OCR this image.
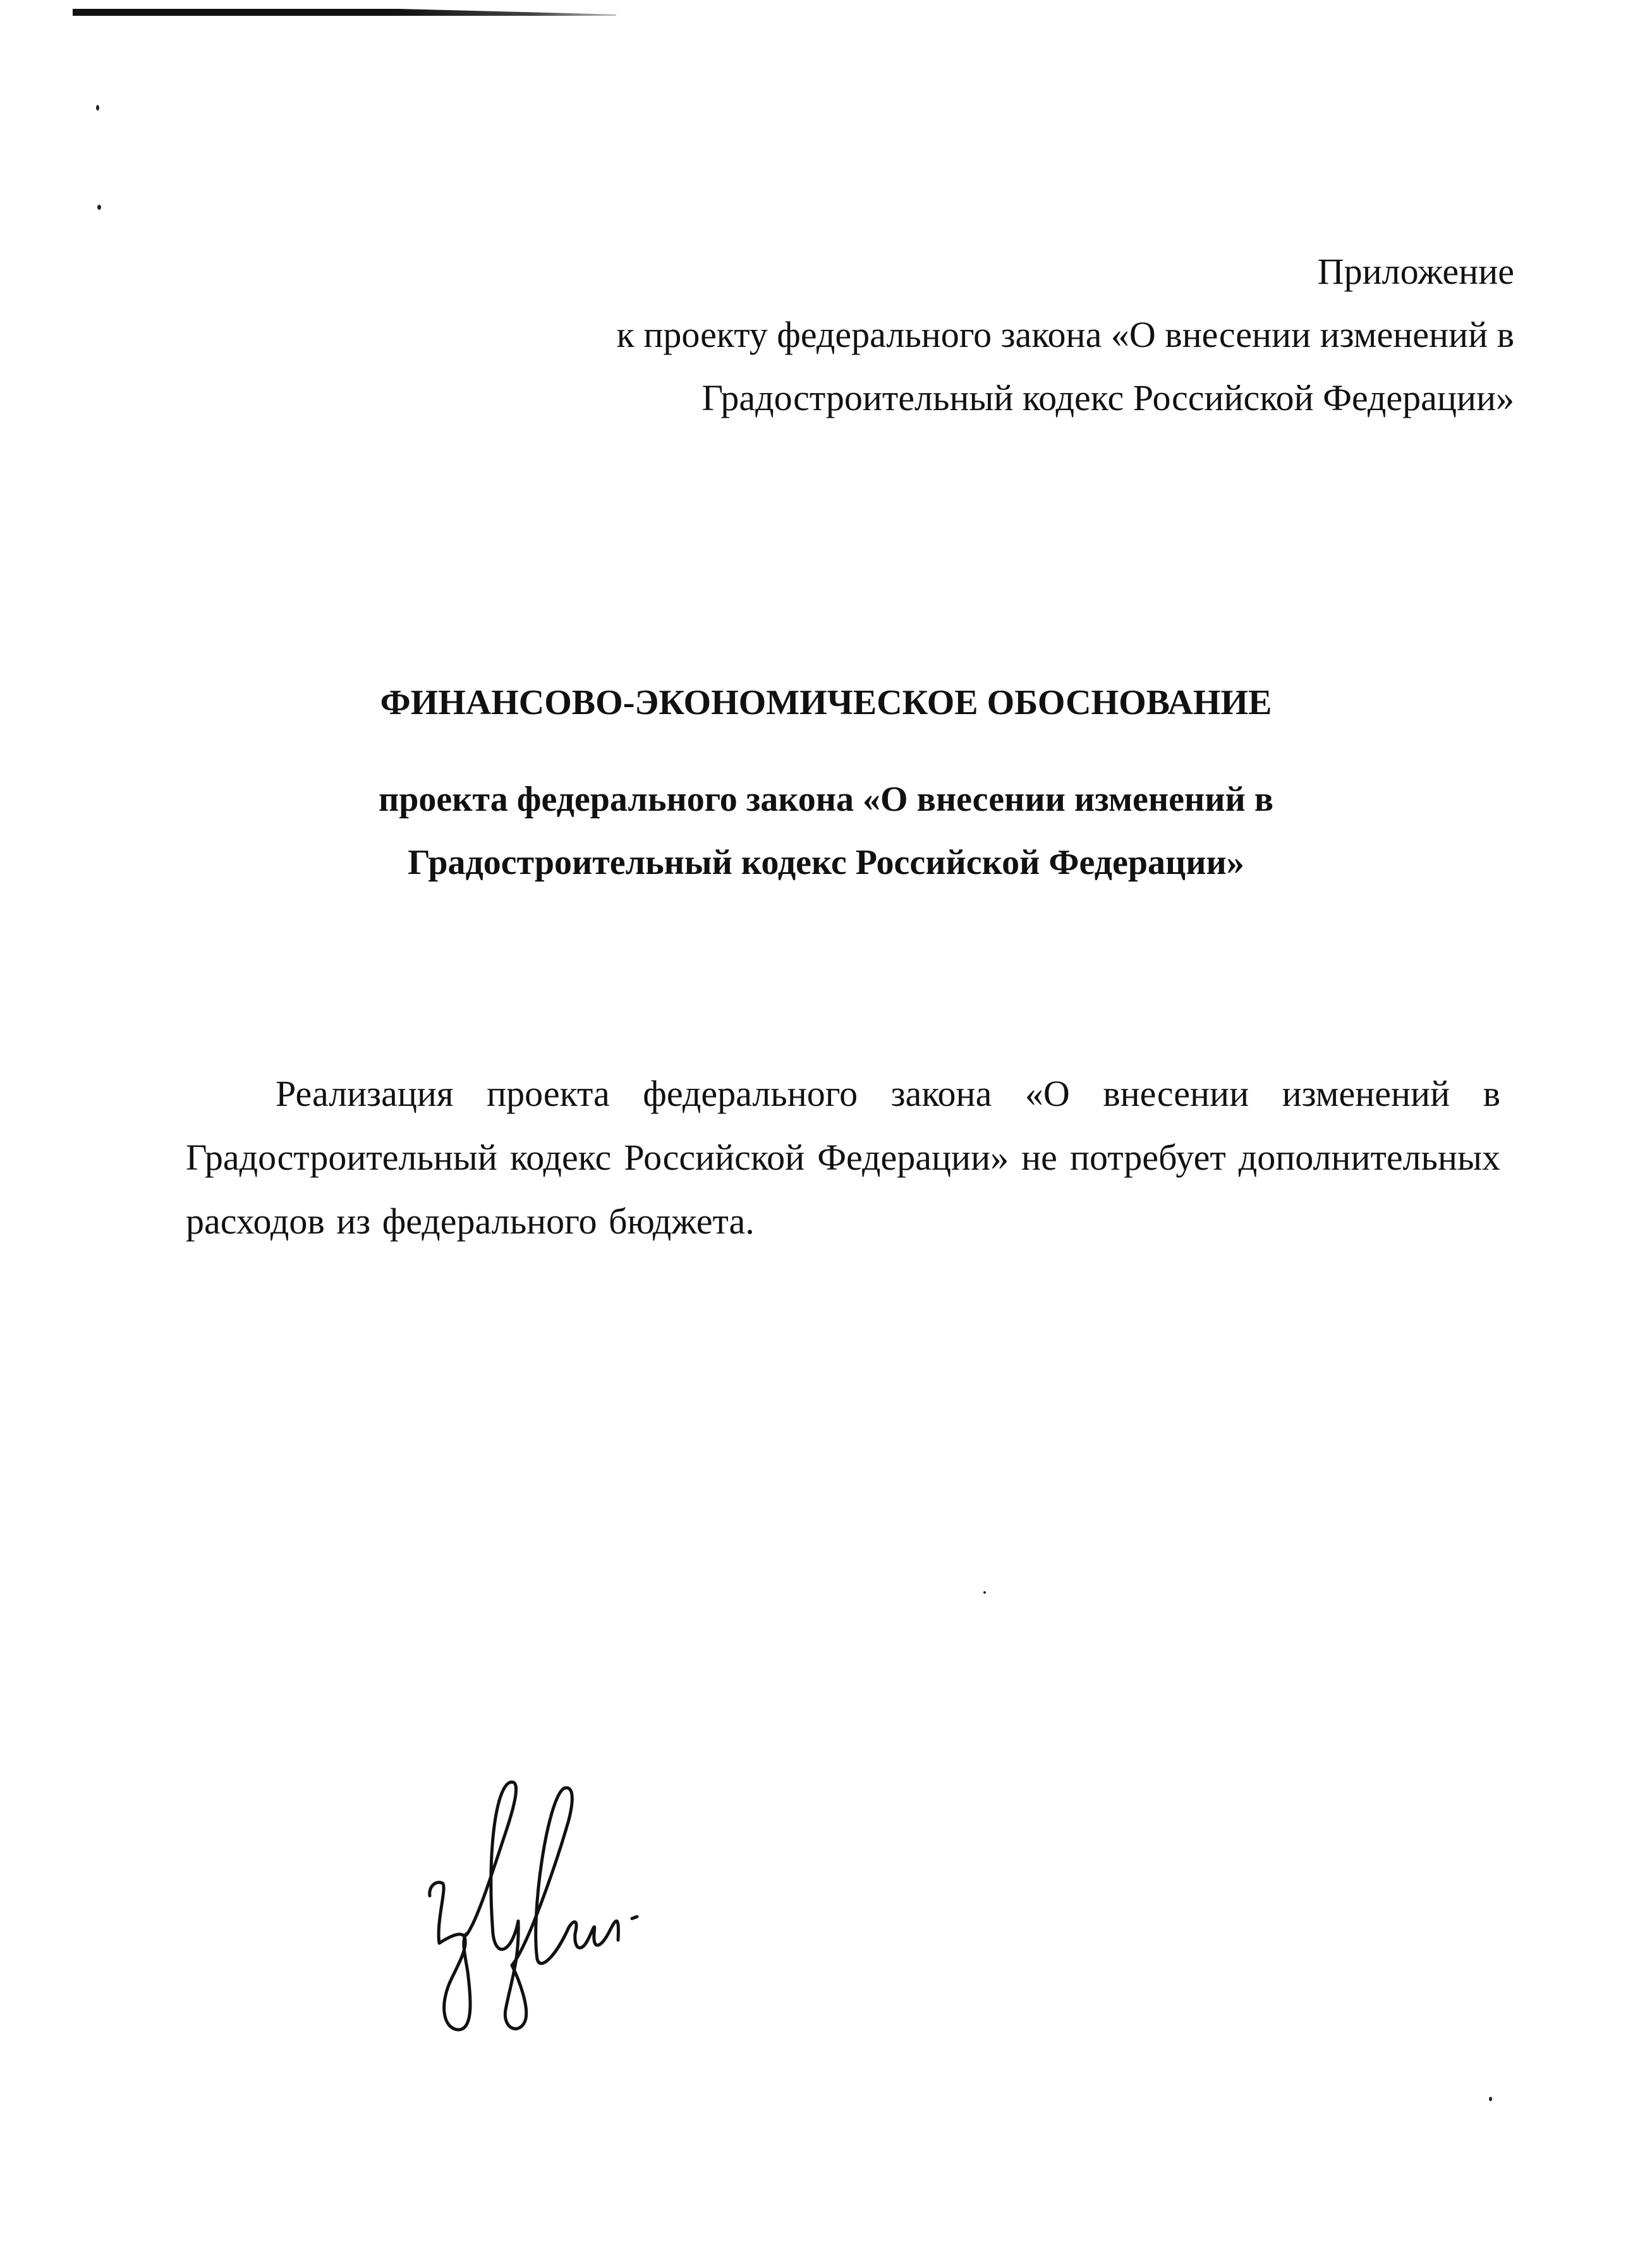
Приложение
к проекту федерального закона «О внесении изменений в
Градостроительный кодекс Российской Федерации»
ФИНАНСОВО-ЭКОНОМИЧЕСКОЕ ОБОСНОВАНИЕ
проекта федерального закона «О внесении изменений в
Градостроительный кодекс Российской Федерации»
Реализация проекта федерального закона «О внесении изменений в Градостроительный кодекс Российской Федерации» не потребует дополнительных расходов из федерального бюджета.
